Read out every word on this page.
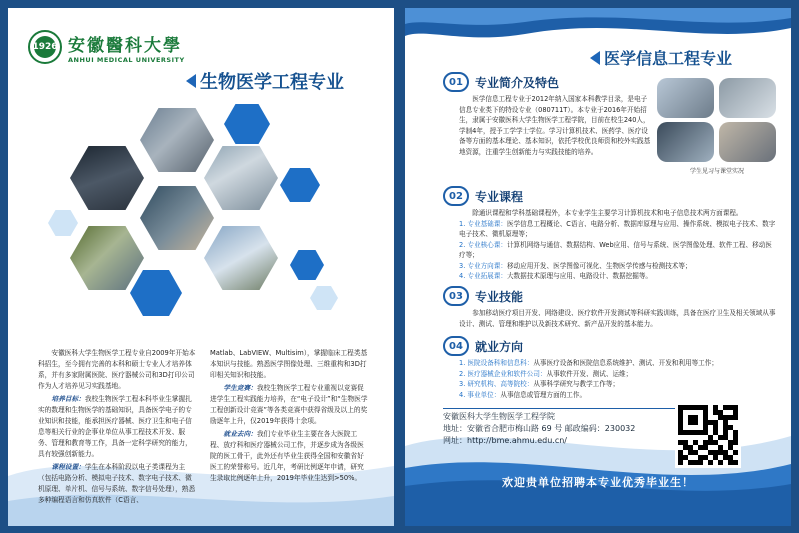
1926 安徽醫科大學
ANHUI MEDICAL UNIVERSITY
生物医学工程专业

安徽医科大学生物医学工程专业自2009年开始本科招生，至今拥有完善的本科和硕士专业人才培养体系，并有多家附属医院、医疗器械公司和3D打印公司作为人才培养见习实践基地。

培养目标：我校生物医学工程本科毕业生掌握扎实的数理和生物医学的基础知识，具备医学电子的专业知识和技能，能承担医疗器械、医疗卫生和电子信息等相关行业的企事业单位从事工程技术开发、服务、管理和教育等工作，具备一定科学研究的能力，具有较强创新能力。

课程设置：学生在本科阶段以电子类课程为主（包括电路分析、模拟电子技术、数字电子技术、微机原理、单片机、信号与系统、数字信号处理），熟悉多种编程语言和仿真软件（C语言、

Matlab、LabVIEW、Multisim），掌握临床工程类基本知识与技能。熟悉医学图像处理、三维重构和3D打印相关知识和技能。

学生竞赛：我校生物医学工程专业重视以竞赛促进学生工程实践能力培养，在“电子设计”和“生物医学工程创新设计竞赛”等各类竞赛中获得省级及以上的奖励逐年上升，仅2019年获得十余项。

就业去向：我们专业毕业生主要在各大医院工程、放疗科和医疗器械公司工作，并逐步成为各级医院的医工骨干，此外还有毕业生获得全国和安徽省好医工的荣誉称号。近几年，考研比例逐年申请，研究生录取比例逐年上升，2019年毕业生达到>50%。

医学信息工程专业
01	专业简介及特色

医学信息工程专业于2012年纳入国家本科教学目录，是电子信息专业类下的特设专业（080711T）。本专业于2016年开始招生，隶属于安徽医科大学生物医学工程学院，目前在校生240人，学制4年，授予工学学士学位。学习计算机技术、医药学、医疗设备等方面的基本理论、基本知识，依托学校优良师资和校外实践基地资源，注重学生创新能力与实践技能的培养。

学生见习与课堂实况
02	专业课程

除通识课程和学科基础课程外，本专业学生主要学习计算机技术和电子信息技术两方面课程。

1. 专业基础课：医学信息工程概论、C语言、电路分析、数据库原理与应用、操作系统、模拟电子技术、数字电子技术、微机原理等；
2. 专业核心课：计算机网络与通信、数据结构、Web应用、信号与系统、医学图像处理、软件工程、移动医疗等；
3. 专业方向课：移动应用开发、医学图像可视化、生物医学传感与检测技术等；
4. 专业拓展课：大数据技术原理与应用、电路设计、数据挖掘等。
03	专业技能

参加移动医疗项目开发、网络建设、医疗软件开发测试等科研实践训练，具备在医疗卫生及相关领域从事设计、测试、管理和维护以及新技术研究、新产品开发的基本能力。

04	就业方向
1. 医院设备科和信息科：从事医疗设备和医院信息系统维护、测试、开发和利用等工作；
2. 医疗器械企业和软件公司：从事软件开发、测试、运维；
3. 研究机构、高等院校：从事科学研究与教学工作等；
4. 事业单位：从事信息或管理方面的工作。
安徽医科大学生物医学工程学院
地址：安徽省合肥市梅山路 69 号 邮政编码：230032
网址：http://bme.ahmu.edu.cn/
欢迎贵单位招聘本专业优秀毕业生！
